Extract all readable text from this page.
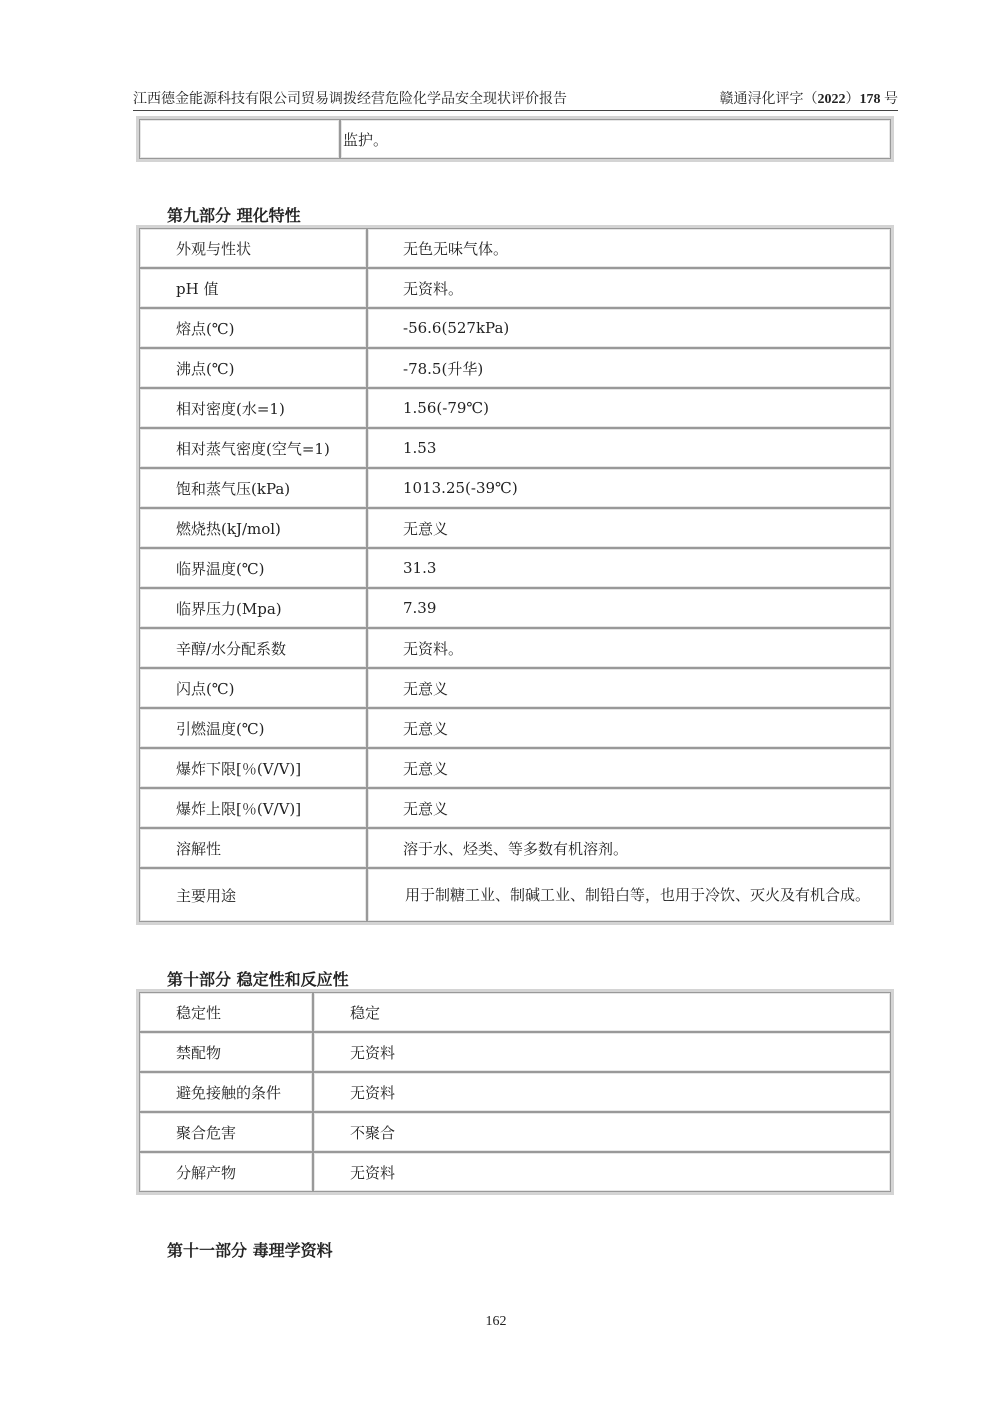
江西德金能源科技有限公司贸易调拨经营危险化学品安全现状评价报告	赣通浔化评字（2022）178 号
	监护。
第九部分 理化特性
外观与性状	无色无味气体。
pH 值	无资料。
熔点(℃)	-56.6(527kPa)
沸点(℃)	-78.5(升华)
相对密度(水=1)	1.56(-79℃)
相对蒸气密度(空气=1)	1.53
饱和蒸气压(kPa)	1013.25(-39℃)
燃烧热(kJ/mol)	无意义
临界温度(℃)	31.3
临界压力(Mpa)	7.39
辛醇/水分配系数	无资料。
闪点(℃)	无意义
引燃温度(℃)	无意义
爆炸下限[％(V/V)]	无意义
爆炸上限[％(V/V)]	无意义
溶解性	溶于水、烃类、等多数有机溶剂。
主要用途	用于制糖工业、制碱工业、制铅白等，也用于冷饮、灭火及有机合成。
第十部分 稳定性和反应性
稳定性	稳定
禁配物	无资料
避免接触的条件	无资料
聚合危害	不聚合
分解产物	无资料
第十一部分 毒理学资料
162
